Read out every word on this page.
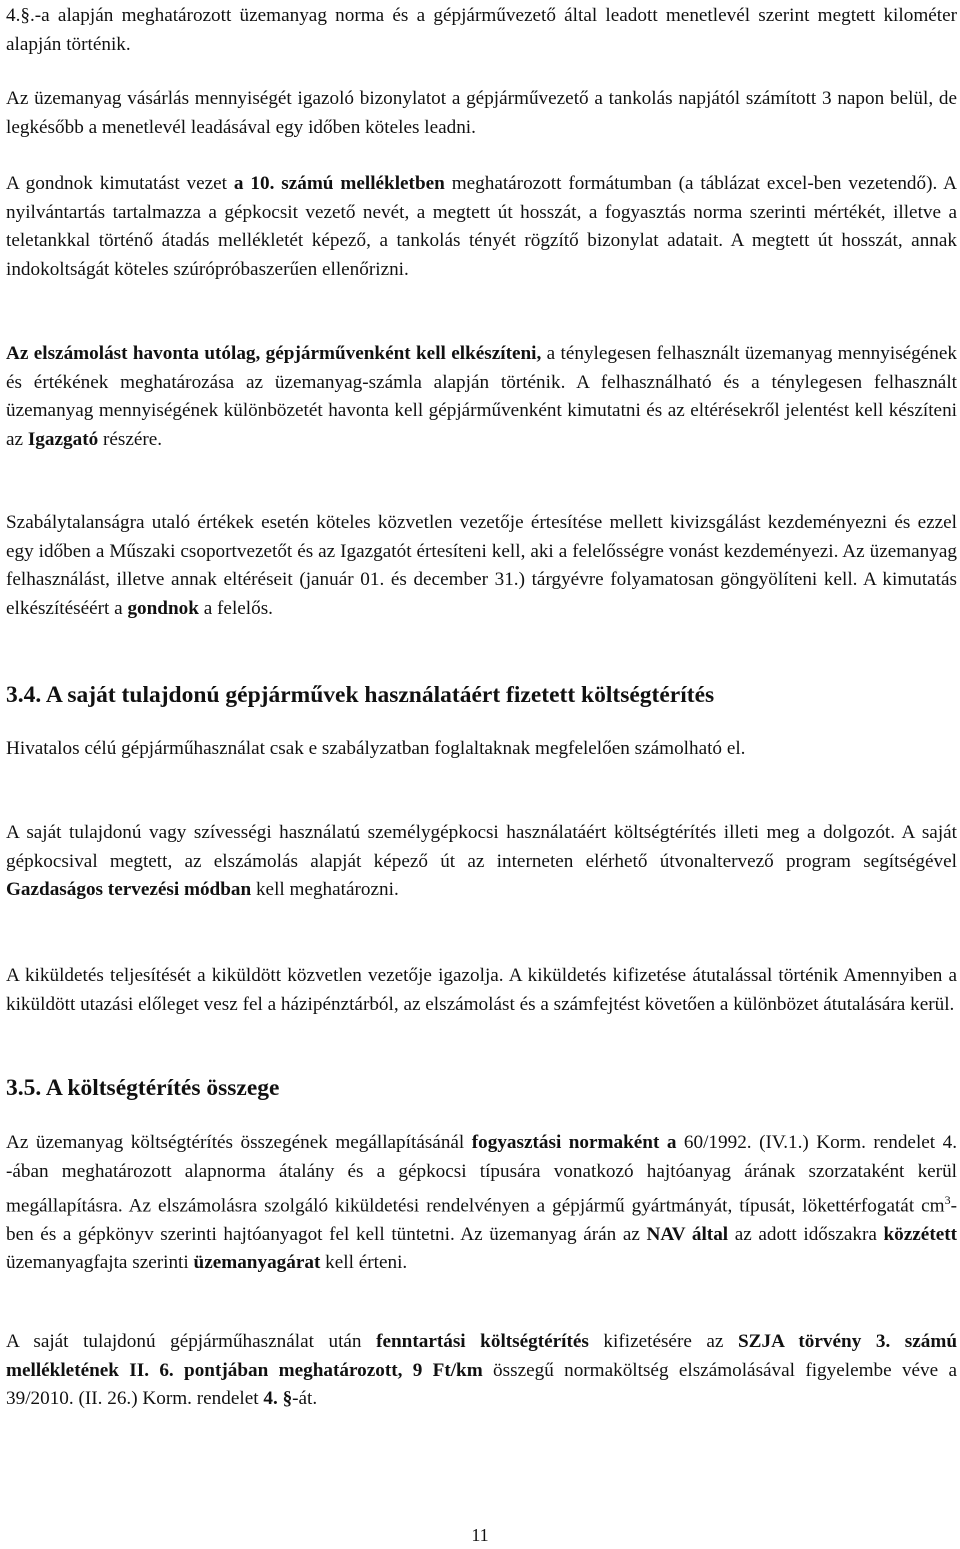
4.§.-a alapján meghatározott üzemanyag norma és a gépjárművezető által leadott menetlevél szerint megtett kilométer alapján történik.

Az üzemanyag vásárlás mennyiségét igazoló bizonylatot a gépjárművezető a tankolás napjától számított 3 napon belül, de legkésőbb a menetlevél leadásával egy időben köteles leadni.

A gondnok kimutatást vezet a 10. számú mellékletben meghatározott formátumban (a táblázat excel-ben vezetendő). A nyilvántartás tartalmazza a gépkocsit vezető nevét, a megtett út hosszát, a fogyasztás norma szerinti mértékét, illetve a teletankkal történő átadás mellékletét képező, a tankolás tényét rögzítő bizonylat adatait. A megtett út hosszát, annak indokoltságát köteles szúrópróbaszerűen ellenőrizni.

Az elszámolást havonta utólag, gépjárművenként kell elkészíteni, a ténylegesen felhasznált üzemanyag mennyiségének és értékének meghatározása az üzemanyag-számla alapján történik. A felhasználható és a ténylegesen felhasznált üzemanyag mennyiségének különbözetét havonta kell gépjárművenként kimutatni és az eltérésekről jelentést kell készíteni az Igazgató részére.

Szabálytalanságra utaló értékek esetén köteles közvetlen vezetője értesítése mellett kivizsgálást kezdeményezni és ezzel egy időben a Műszaki csoportvezetőt és az Igazgatót értesíteni kell, aki a felelősségre vonást kezdeményezi. Az üzemanyag felhasználást, illetve annak eltéréseit (január 01. és december 31.) tárgyévre folyamatosan göngyölíteni kell. A kimutatás elkészítéséért a gondnok a felelős.

3.4. A saját tulajdonú gépjárművek használatáért fizetett költségtérítés

Hivatalos célú gépjárműhasználat csak e szabályzatban foglaltaknak megfelelően számolható el.

A saját tulajdonú vagy szívességi használatú személygépkocsi használatáért költségtérítés illeti meg a dolgozót. A saját gépkocsival megtett, az elszámolás alapját képező út az interneten elérhető útvonaltervező program segítségével Gazdaságos tervezési módban kell meghatározni.

A kiküldetés teljesítését a kiküldött közvetlen vezetője igazolja. A kiküldetés kifizetése átutalással történik Amennyiben a kiküldött utazási előleget vesz fel a házipénztárból, az elszámolást és a számfejtést követően a különbözet átutalására kerül.

3.5. A költségtérítés összege

Az üzemanyag költségtérítés összegének megállapításánál fogyasztási normaként a 60/1992. (IV.1.) Korm. rendelet 4. -ában meghatározott alapnorma átalány és a gépkocsi típusára vonatkozó hajtóanyag árának szorzataként kerül megállapításra. Az elszámolásra szolgáló kiküldetési rendelvényen a gépjármű gyártmányát, típusát, lökettérfogatát $cm^3$-ben és a gépkönyv szerinti hajtóanyagot fel kell tüntetni. Az üzemanyag árán az NAV által az adott időszakra közzétett üzemanyagfajta szerinti üzemanyagárat kell érteni.

A saját tulajdonú gépjárműhasználat után fenntartási költségtérítés kifizetésére az SZJA törvény 3. számú mellékletének II. 6. pontjában meghatározott, 9 Ft/km összegű normaköltség elszámolásával figyelembe véve a 39/2010. (II. 26.) Korm. rendelet 4. §-át.

11
